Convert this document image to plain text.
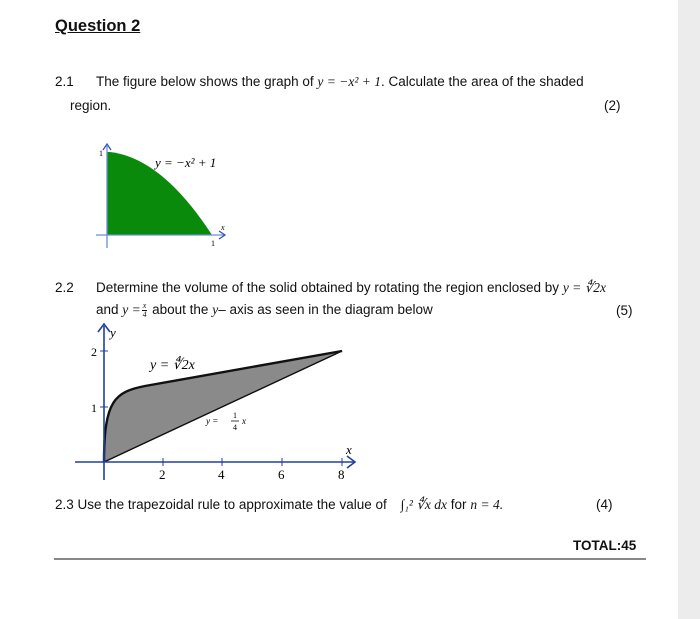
Question 2
2.1 The figure below shows the graph of y = −x² + 1. Calculate the area of the shaded
region.	(2)
1
1
x
y = −x² + 1
2.2 Determine the volume of the solid obtained by rotating the region enclosed by y = ∜2x
and $y = \frac{x}{4}$ about the y– axis as seen in the diagram below	(5)
y
x
2
1
2	4	6	8
y = ∜2x
y =
1
4
x
2.3 Use the trapezoidal rule to approximate the value of ∫₁² ∜x dx for n = 4.	(4)
TOTAL:45
